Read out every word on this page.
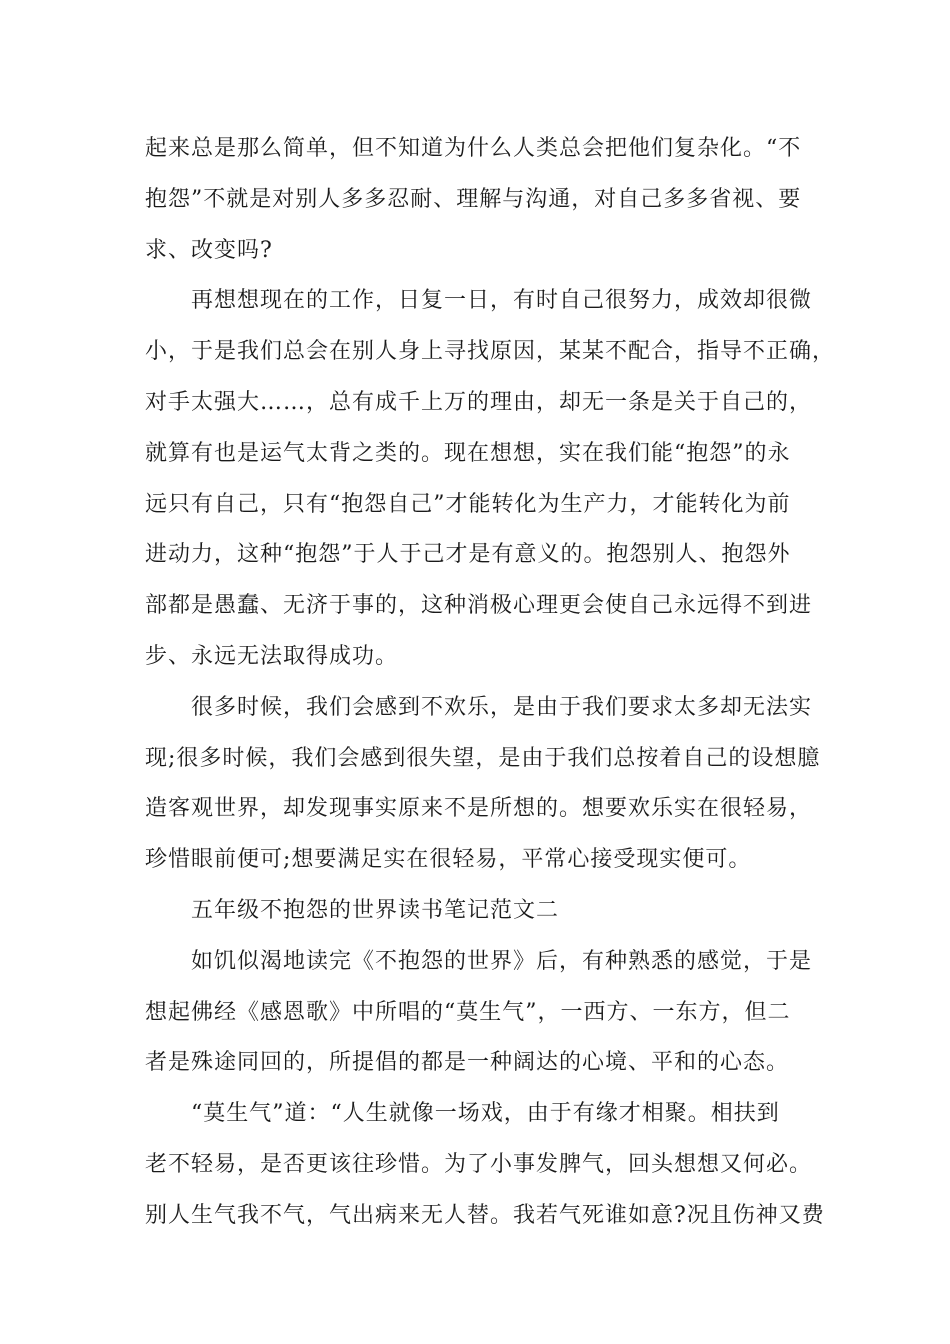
起来总是那么简单，但不知道为什么人类总会把他们复杂化。“不
抱怨”不就是对别人多多忍耐、理解与沟通，对自己多多省视、要
求、改变吗?
再想想现在的工作，日复一日，有时自己很努力，成效却很微
小，于是我们总会在别人身上寻找原因，某某不配合，指导不正确，
对手太强大……，总有成千上万的理由，却无一条是关于自己的，
就算有也是运气太背之类的。现在想想，实在我们能“抱怨”的永
远只有自己，只有“抱怨自己”才能转化为生产力，才能转化为前
进动力，这种“抱怨”于人于己才是有意义的。抱怨别人、抱怨外
部都是愚蠢、无济于事的，这种消极心理更会使自己永远得不到进
步、永远无法取得成功。
很多时候，我们会感到不欢乐，是由于我们要求太多却无法实
现;很多时候，我们会感到很失望，是由于我们总按着自己的设想臆
造客观世界，却发现事实原来不是所想的。想要欢乐实在很轻易，
珍惜眼前便可;想要满足实在很轻易，平常心接受现实便可。
五年级不抱怨的世界读书笔记范文二
如饥似渴地读完《不抱怨的世界》后，有种熟悉的感觉，于是
想起佛经《感恩歌》中所唱的“莫生气”，一西方、一东方，但二
者是殊途同回的，所提倡的都是一种阔达的心境、平和的心态。
“莫生气”道：“人生就像一场戏，由于有缘才相聚。相扶到
老不轻易，是否更该往珍惜。为了小事发脾气，回头想想又何必。
别人生气我不气，气出病来无人替。我若气死谁如意?况且伤神又费
